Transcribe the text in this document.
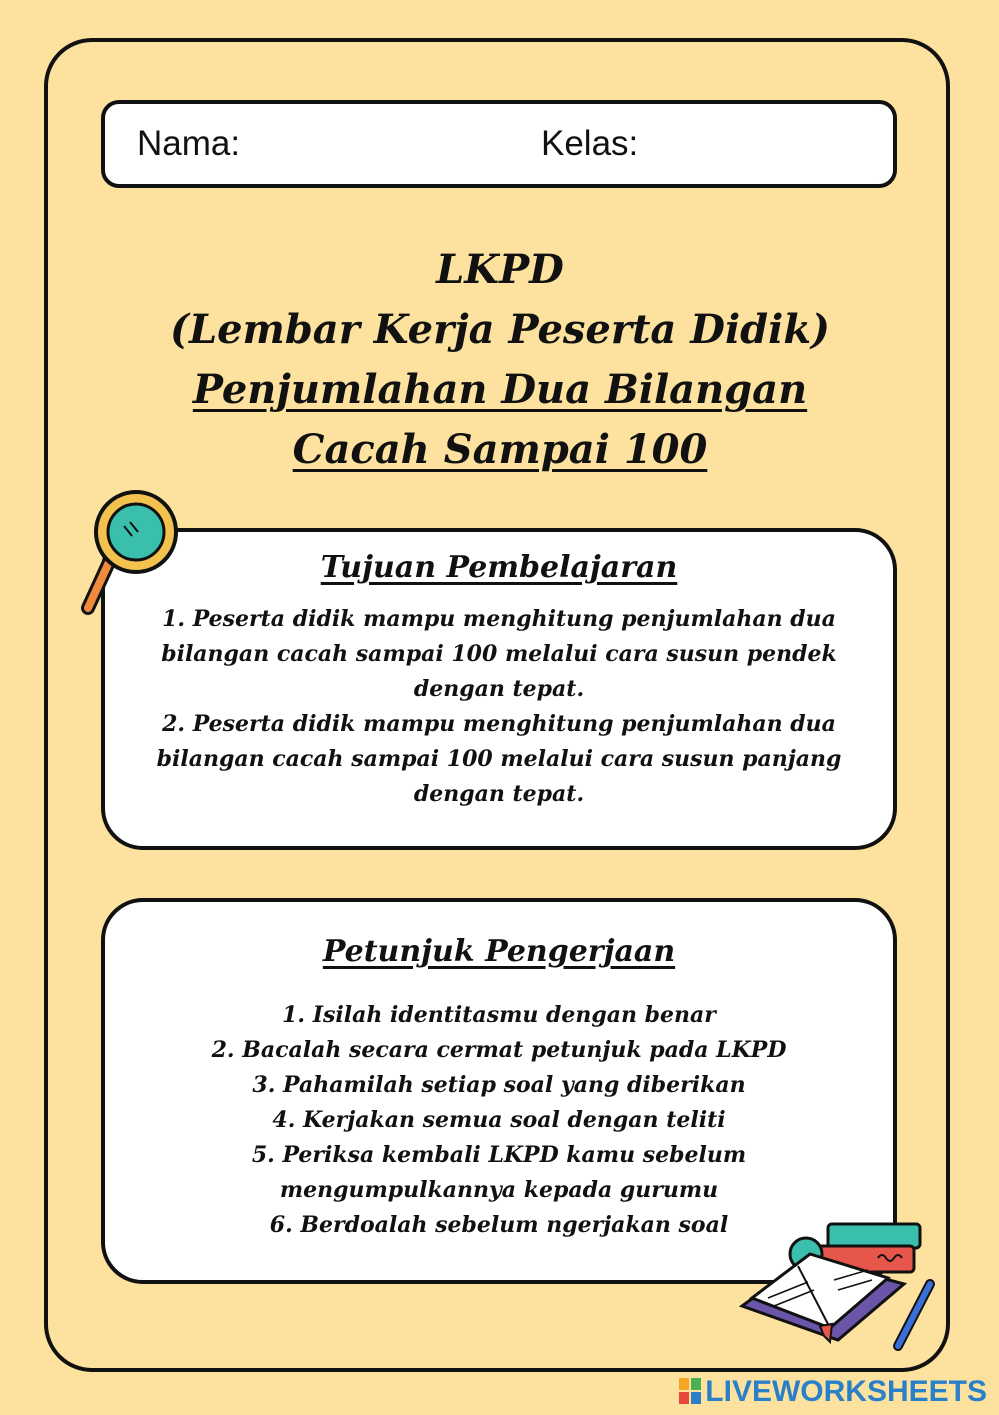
Nama:	Kelas:
LKPD
(Lembar Kerja Peserta Didik)
Penjumlahan Dua Bilangan
Cacah Sampai 100
Tujuan Pembelajaran
1. Peserta didik mampu menghitung penjumlahan dua bilangan cacah sampai 100 melalui cara susun pendek dengan tepat.
2. Peserta didik mampu menghitung penjumlahan dua bilangan cacah sampai 100 melalui cara susun panjang dengan tepat.
Petunjuk Pengerjaan
1. Isilah identitasmu dengan benar
2. Bacalah secara cermat petunjuk pada LKPD
3. Pahamilah setiap soal yang diberikan
4. Kerjakan semua soal dengan teliti
5. Periksa kembali LKPD kamu sebelum mengumpulkannya kepada gurumu
6. Berdoalah sebelum ngerjakan soal
LIVEWORKSHEETS
